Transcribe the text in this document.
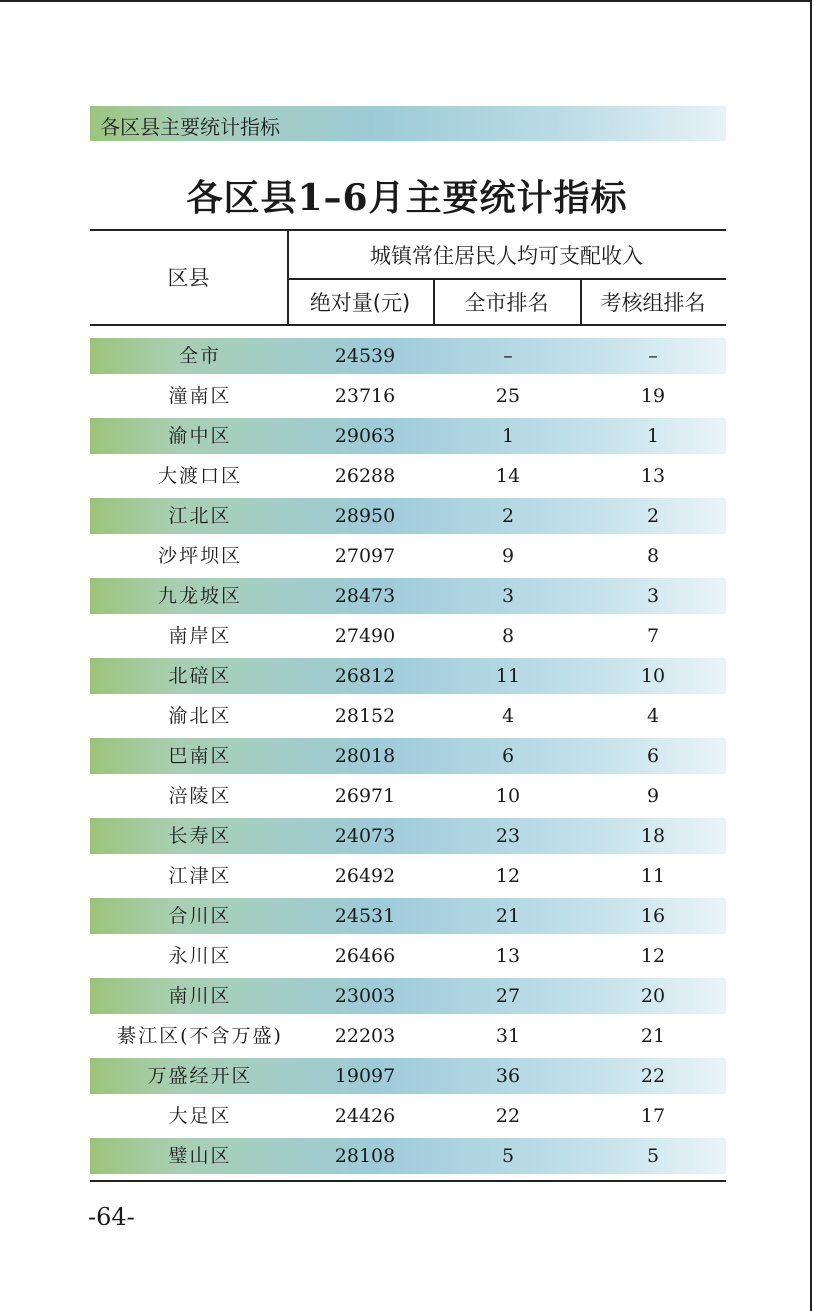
各区县主要统计指标
各区县1–6月主要统计指标
区县
城镇常住居民人均可支配收入
绝对量(元)	全市排名	考核组排名
全市	24539	–	–
潼南区	23716	25	19
渝中区	29063	1	1
大渡口区	26288	14	13
江北区	28950	2	2
沙坪坝区	27097	9	8
九龙坡区	28473	3	3
南岸区	27490	8	7
北碚区	26812	11	10
渝北区	28152	4	4
巴南区	28018	6	6
涪陵区	26971	10	9
长寿区	24073	23	18
江津区	26492	12	11
合川区	24531	21	16
永川区	26466	13	12
南川区	23003	27	20
綦江区(不含万盛)	22203	31	21
万盛经开区	19097	36	22
大足区	24426	22	17
璧山区	28108	5	5
-64-
